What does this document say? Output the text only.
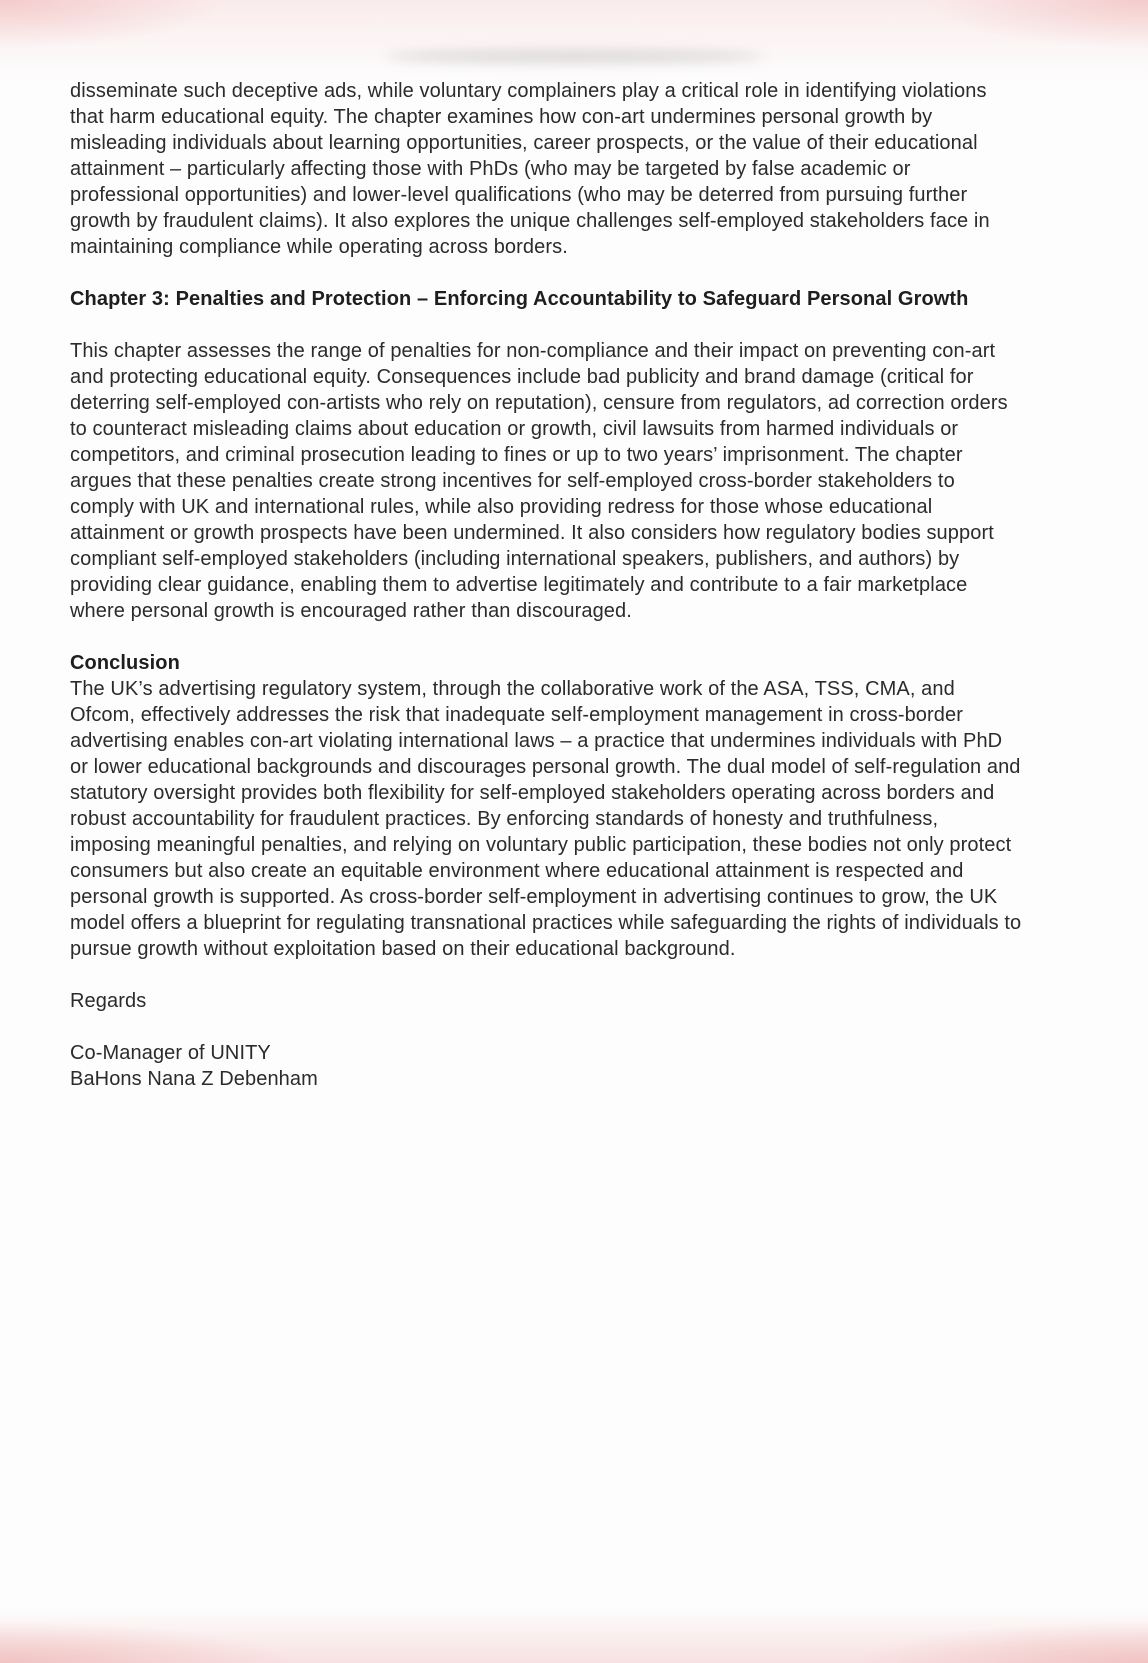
disseminate such deceptive ads, while voluntary complainers play a critical role in identifying violations that harm educational equity. The chapter examines how con-art undermines personal growth by misleading individuals about learning opportunities, career prospects, or the value of their educational attainment – particularly affecting those with PhDs (who may be targeted by false academic or professional opportunities) and lower-level qualifications (who may be deterred from pursuing further growth by fraudulent claims). It also explores the unique challenges self-employed stakeholders face in maintaining compliance while operating across borders.

Chapter 3: Penalties and Protection – Enforcing Accountability to Safeguard Personal Growth

This chapter assesses the range of penalties for non-compliance and their impact on preventing con-art and protecting educational equity. Consequences include bad publicity and brand damage (critical for deterring self-employed con-artists who rely on reputation), censure from regulators, ad correction orders to counteract misleading claims about education or growth, civil lawsuits from harmed individuals or competitors, and criminal prosecution leading to fines or up to two years’ imprisonment. The chapter argues that these penalties create strong incentives for self-employed cross-border stakeholders to comply with UK and international rules, while also providing redress for those whose educational attainment or growth prospects have been undermined. It also considers how regulatory bodies support compliant self-employed stakeholders (including international speakers, publishers, and authors) by providing clear guidance, enabling them to advertise legitimately and contribute to a fair marketplace where personal growth is encouraged rather than discouraged.

Conclusion

The UK’s advertising regulatory system, through the collaborative work of the ASA, TSS, CMA, and Ofcom, effectively addresses the risk that inadequate self-employment management in cross-border advertising enables con-art violating international laws – a practice that undermines individuals with PhD or lower educational backgrounds and discourages personal growth. The dual model of self-regulation and statutory oversight provides both flexibility for self-employed stakeholders operating across borders and robust accountability for fraudulent practices. By enforcing standards of honesty and truthfulness, imposing meaningful penalties, and relying on voluntary public participation, these bodies not only protect consumers but also create an equitable environment where educational attainment is respected and personal growth is supported. As cross-border self-employment in advertising continues to grow, the UK model offers a blueprint for regulating transnational practices while safeguarding the rights of individuals to pursue growth without exploitation based on their educational background.

Regards

Co-Manager of UNITY

BaHons Nana Z Debenham
